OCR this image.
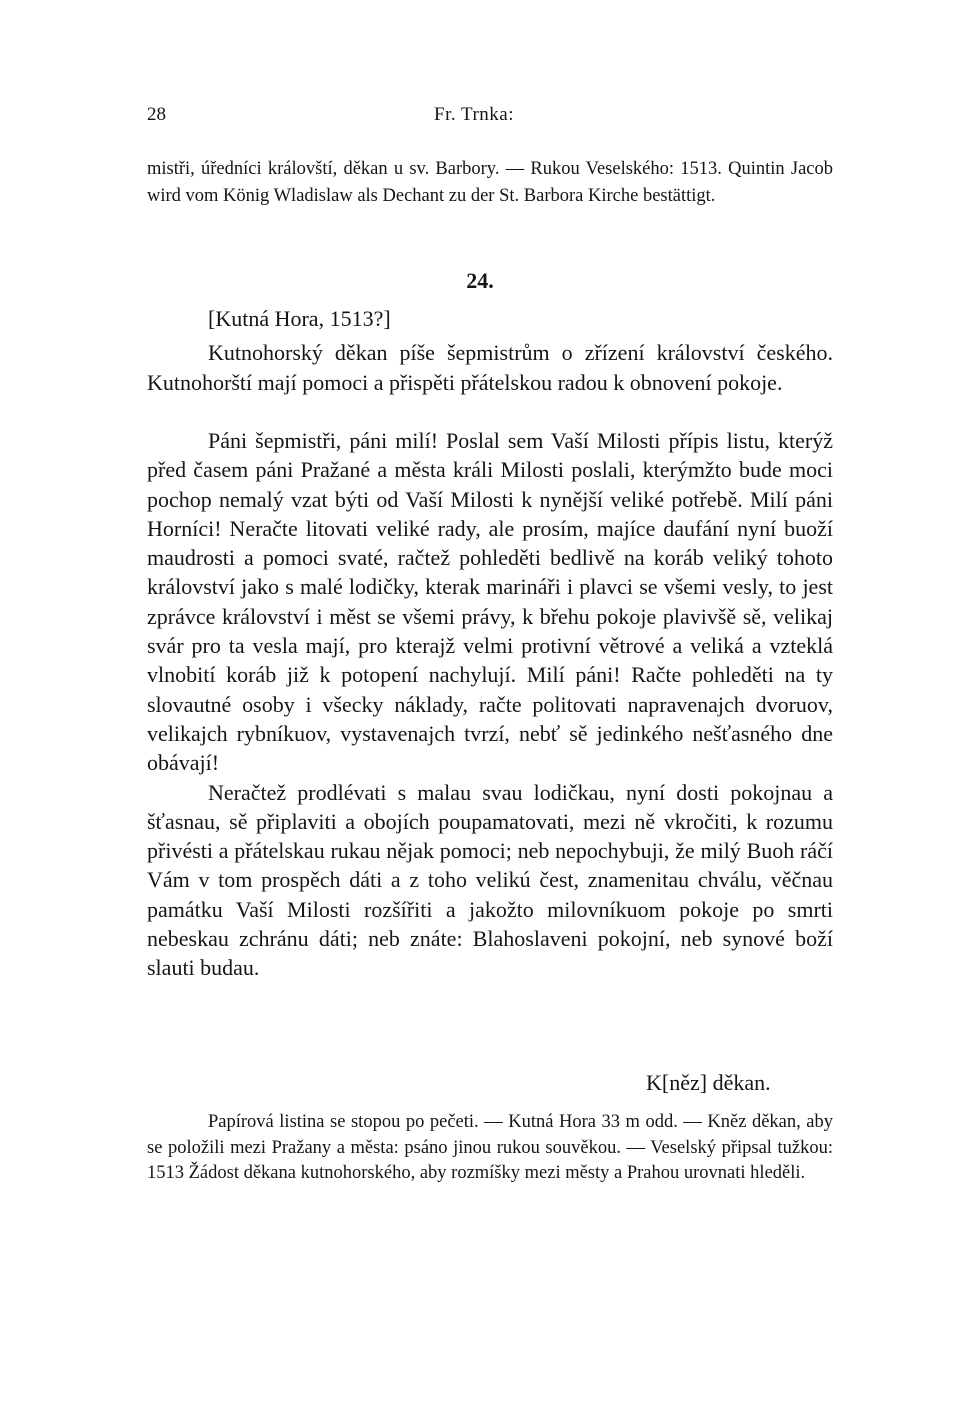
28	Fr. Trnka:

mistři, úředníci královští, děkan u sv. Barbory. — Rukou Veselského: 1513. Quintin Jacob wird vom König Wladislaw als Dechant zu der St. Barbora Kirche bestättigt.

24.
[Kutná Hora, 1513?]

Kutnohorský děkan píše šepmistrům o zřízení království českého. Kutnohorští mají pomoci a přispěti přátelskou radou k obnovení pokoje.

Páni šepmistři, páni milí! Poslal sem Vaší Milosti přípis listu, kterýž před časem páni Pražané a města králi Milosti poslali, kterýmžto bude moci pochop nemalý vzat býti od Vaší Milosti k nynější veliké potřebě. Milí páni Horníci! Neračte litovati veliké rady, ale prosím, majíce daufání nyní buoží maudrosti a pomoci svaté, račtež pohleděti bedlivě na koráb veliký tohoto království jako s malé lodičky, kterak marináři i plavci se všemi vesly, to jest zprávce království i měst se všemi právy, k břehu pokoje plavivšě sě, velikaj svár pro ta vesla mají, pro kterajž velmi protivní větrové a veliká a vzteklá vlnobití koráb již k potopení nachylují. Milí páni! Račte pohleděti na ty slovautné osoby i všecky náklady, račte politovati napravenajch dvoruov, velikajch rybníkuov, vystavenajch tvrzí, nebť sě jedinkého nešťasného dne obávají!

Neračtež prodlévati s malau svau lodičkau, nyní dosti pokojnau a šťasnau, sě připlaviti a obojích poupamatovati, mezi ně vkročiti, k rozumu přivésti a přátelskau rukau nějak pomoci; neb nepochybuji, že milý Buoh ráčí Vám v tom prospěch dáti a z toho velikú čest, znamenitau chválu, věčnau památku Vaší Milosti rozšířiti a jakožto milovníkuom pokoje po smrti nebeskau zchránu dáti; neb znáte: Blahoslaveni pokojní, neb synové boží slauti budau.

K[něz] děkan.

Papírová listina se stopou po pečeti. — Kutná Hora 33 m odd. — Kněz děkan, aby se položili mezi Pražany a města: psáno jinou rukou souvěkou. — Veselský připsal tužkou: 1513 Žádost děkana kutnohorského, aby rozmíšky mezi městy a Prahou urovnati hleděli.
